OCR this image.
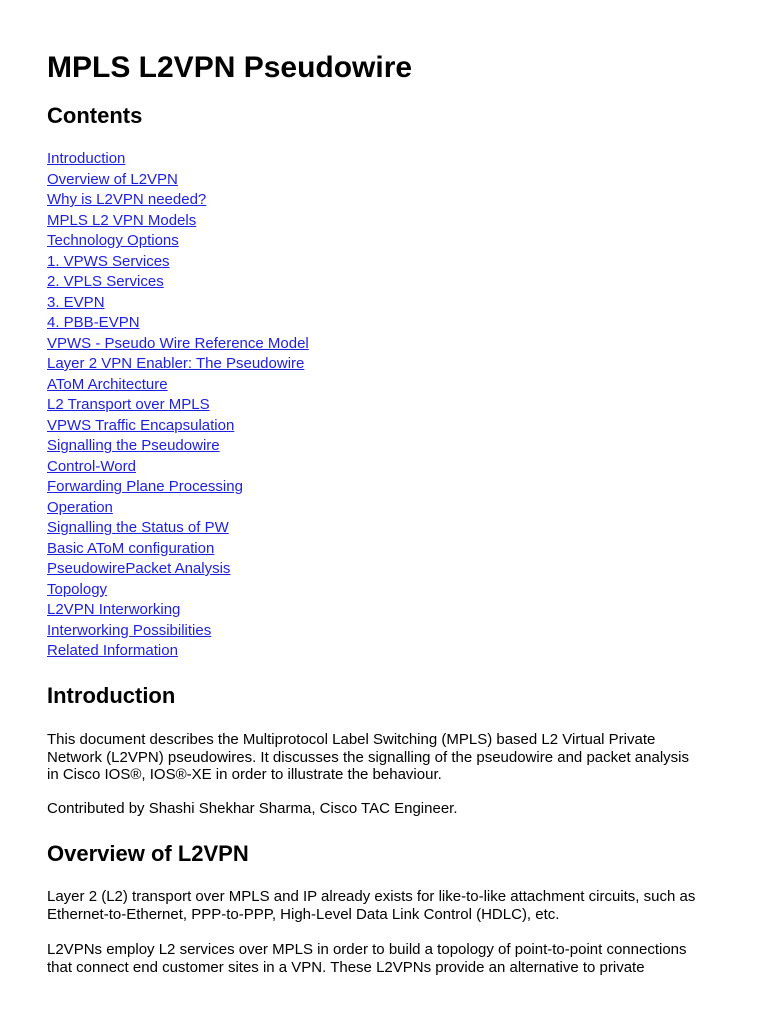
MPLS L2VPN Pseudowire
Contents
Introduction
Overview of L2VPN
Why is L2VPN needed?
MPLS L2 VPN Models
Technology Options
1. VPWS Services
2. VPLS Services
3. EVPN
4. PBB-EVPN
VPWS - Pseudo Wire Reference Model
Layer 2 VPN Enabler: The Pseudowire
AToM Architecture
L2 Transport over MPLS
VPWS Traffic Encapsulation
Signalling the Pseudowire
Control-Word
Forwarding Plane Processing
Operation
Signalling the Status of PW
Basic AToM configuration
PseudowirePacket Analysis
Topology
L2VPN Interworking
Interworking Possibilities
Related Information
Introduction

This document describes the Multiprotocol Label Switching (MPLS) based L2 Virtual Private
Network (L2VPN) pseudowires. It discusses the signalling of the pseudowire and packet analysis
in Cisco IOS®, IOS®-XE in order to illustrate the behaviour.

Contributed by Shashi Shekhar Sharma, Cisco TAC Engineer.

Overview of L2VPN

Layer 2 (L2) transport over MPLS and IP already exists for like-to-like attachment circuits, such as
Ethernet-to-Ethernet, PPP-to-PPP, High-Level Data Link Control (HDLC), etc.

L2VPNs employ L2 services over MPLS in order to build a topology of point-to-point connections
that connect end customer sites in a VPN. These L2VPNs provide an alternative to private
